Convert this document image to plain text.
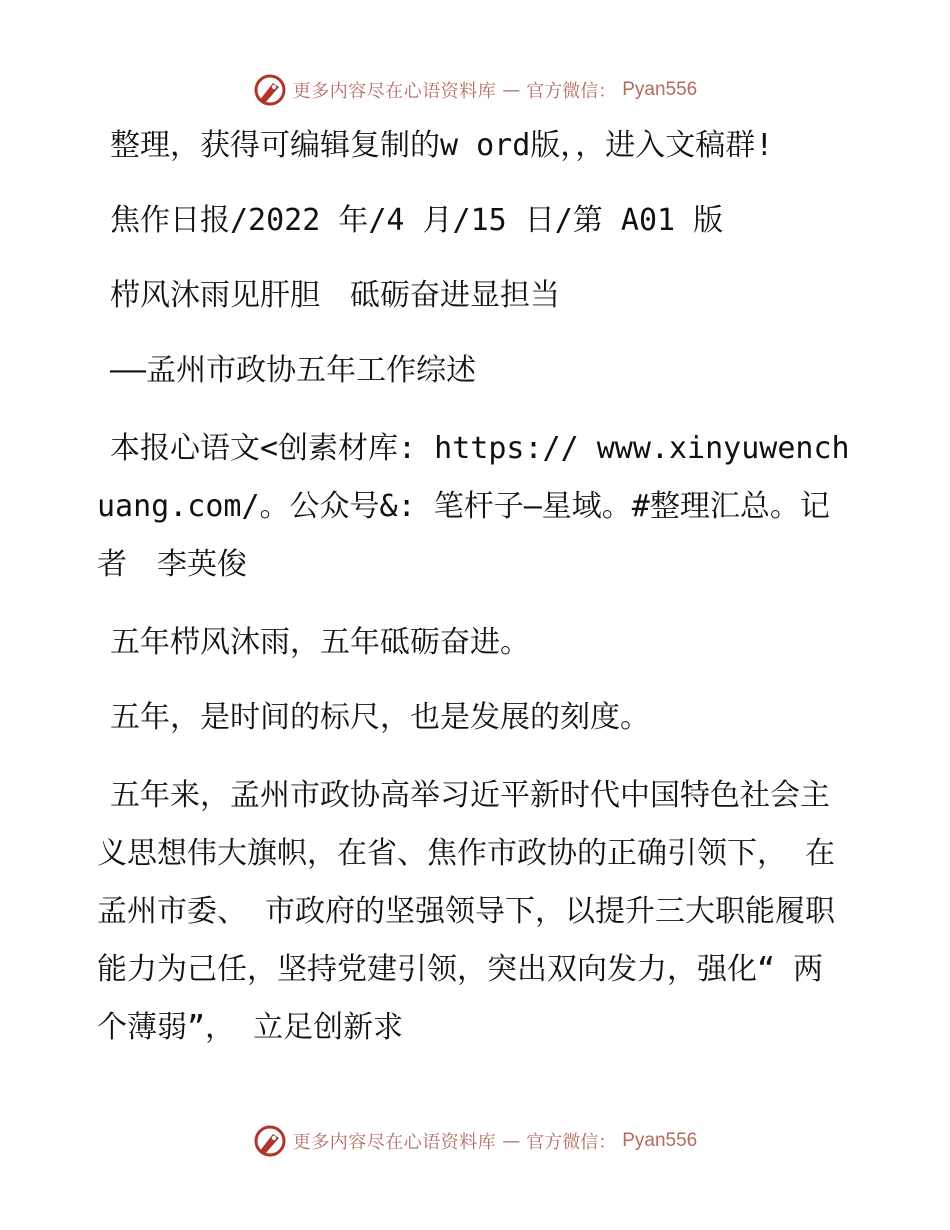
更多内容尽在心语资料库 — 官方微信： Pyan556

整理，获得可编辑复制的w ord版，，进入文稿群!

焦作日报/2022 年/4 月/15 日/第 A01 版

栉风沐雨见肝胆 砥砺奋进显担当

——孟州市政协五年工作综述

本报心语文<创素材库: https:// www.xinyuwenchuang.com/。公众号&: 笔杆子—星域。#整理汇总。记者 李英俊

五年栉风沐雨，五年砥砺奋进。

五年，是时间的标尺，也是发展的刻度。

五年来，孟州市政协高举习近平新时代中国特色社会主义思想伟大旗帜，在省、焦作市政协的正确引领下， 在孟州市委、 市政府的坚强领导下，以提升三大职能履职能力为己任，坚持党建引领，突出双向发力，强化“ 两个薄弱”， 立足创新求

更多内容尽在心语资料库 — 官方微信： Pyan556
